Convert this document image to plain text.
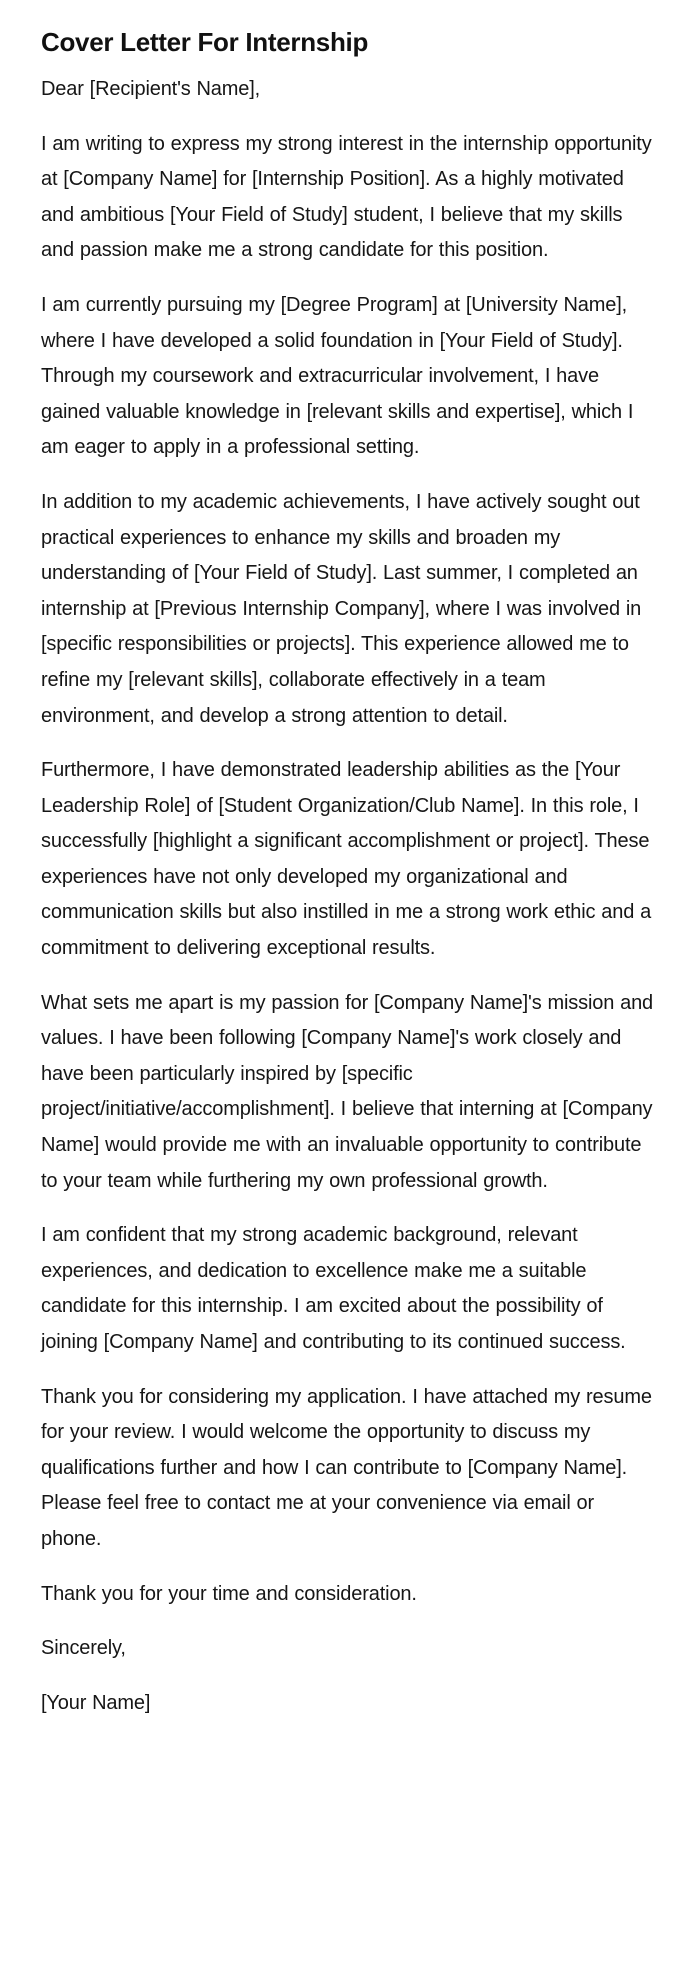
Cover Letter For Internship

Dear [Recipient's Name],

I am writing to express my strong interest in the internship opportunity at [Company Name] for [Internship Position]. As a highly motivated and ambitious [Your Field of Study] student, I believe that my skills and passion make me a strong candidate for this position.

I am currently pursuing my [Degree Program] at [University Name], where I have developed a solid foundation in [Your Field of Study]. Through my coursework and extracurricular involvement, I have gained valuable knowledge in [relevant skills and expertise], which I am eager to apply in a professional setting.

In addition to my academic achievements, I have actively sought out practical experiences to enhance my skills and broaden my understanding of [Your Field of Study]. Last summer, I completed an internship at [Previous Internship Company], where I was involved in [specific responsibilities or projects]. This experience allowed me to refine my [relevant skills], collaborate effectively in a team environment, and develop a strong attention to detail.

Furthermore, I have demonstrated leadership abilities as the [Your Leadership Role] of [Student Organization/Club Name]. In this role, I successfully [highlight a significant accomplishment or project]. These experiences have not only developed my organizational and communication skills but also instilled in me a strong work ethic and a commitment to delivering exceptional results.

What sets me apart is my passion for [Company Name]'s mission and values. I have been following [Company Name]'s work closely and have been particularly inspired by [specific project/initiative/accomplishment]. I believe that interning at [Company Name] would provide me with an invaluable opportunity to contribute to your team while furthering my own professional growth.

I am confident that my strong academic background, relevant experiences, and dedication to excellence make me a suitable candidate for this internship. I am excited about the possibility of joining [Company Name] and contributing to its continued success.

Thank you for considering my application. I have attached my resume for your review. I would welcome the opportunity to discuss my qualifications further and how I can contribute to [Company Name]. Please feel free to contact me at your convenience via email or phone.

Thank you for your time and consideration.

Sincerely,

[Your Name]
